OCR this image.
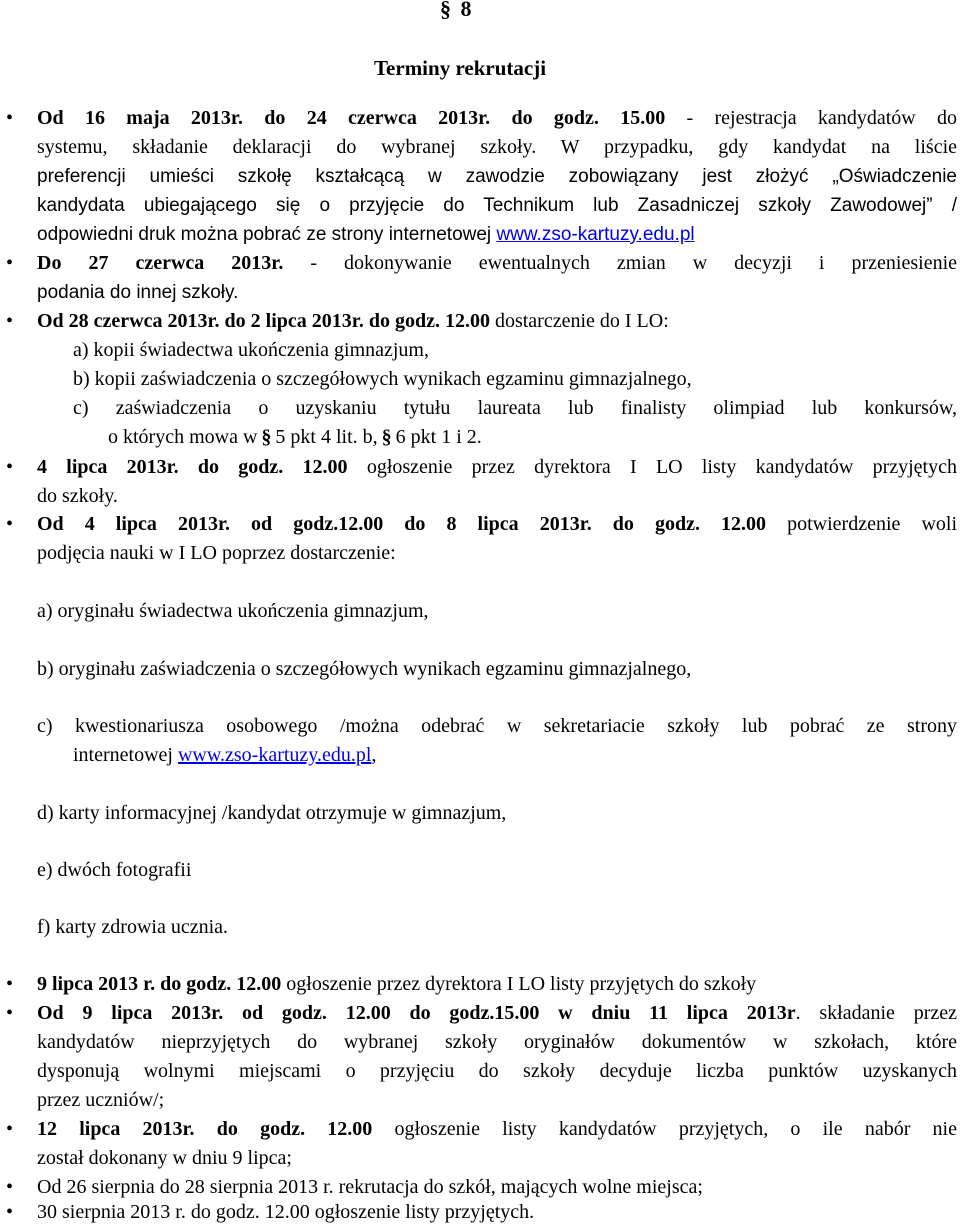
§ 8
Terminy rekrutacji
• Od 16 maja 2013r. do 24 czerwca 2013r. do godz. 15.00 - rejestracja kandydatów do
systemu, składanie deklaracji do wybranej szkoły. W przypadku, gdy kandydat na liście
preferencji umieści szkołę kształcącą w zawodzie zobowiązany jest złożyć „Oświadczenie
kandydata ubiegającego się o przyjęcie do Technikum lub Zasadniczej szkoły Zawodowej” /
odpowiedni druk można pobrać ze strony internetowej www.zso-kartuzy.edu.pl
• Do 27 czerwca 2013r. - dokonywanie ewentualnych zmian w decyzji i przeniesienie
podania do innej szkoły.
• Od 28 czerwca 2013r. do 2 lipca 2013r. do godz. 12.00 dostarczenie do I LO:
a) kopii świadectwa ukończenia gimnazjum,
b) kopii zaświadczenia o szczegółowych wynikach egzaminu gimnazjalnego,
c) zaświadczenia o uzyskaniu tytułu laureata lub finalisty olimpiad lub konkursów,
o których mowa w § 5 pkt 4 lit. b, § 6 pkt 1 i 2.
• 4 lipca 2013r. do godz. 12.00 ogłoszenie przez dyrektora I LO listy kandydatów przyjętych
do szkoły.
• Od 4 lipca 2013r. od godz.12.00 do 8 lipca 2013r. do godz. 12.00 potwierdzenie woli
podjęcia nauki w I LO poprzez dostarczenie:
a) oryginału świadectwa ukończenia gimnazjum,
b) oryginału zaświadczenia o szczegółowych wynikach egzaminu gimnazjalnego,
c) kwestionariusza osobowego /można odebrać w sekretariacie szkoły lub pobrać ze strony
internetowej www.zso-kartuzy.edu.pl,
d) karty informacyjnej /kandydat otrzymuje w gimnazjum,
e) dwóch fotografii
f) karty zdrowia ucznia.
• 9 lipca 2013 r. do godz. 12.00 ogłoszenie przez dyrektora I LO listy przyjętych do szkoły
• Od 9 lipca 2013r. od godz. 12.00 do godz.15.00 w dniu 11 lipca 2013r. składanie przez
kandydatów nieprzyjętych do wybranej szkoły oryginałów dokumentów w szkołach, które
dysponują wolnymi miejscami o przyjęciu do szkoły decyduje liczba punktów uzyskanych
przez uczniów/;
• 12 lipca 2013r. do godz. 12.00 ogłoszenie listy kandydatów przyjętych, o ile nabór nie
został dokonany w dniu 9 lipca;
• Od 26 sierpnia do 28 sierpnia 2013 r. rekrutacja do szkół, mających wolne miejsca;
• 30 sierpnia 2013 r. do godz. 12.00 ogłoszenie listy przyjętych.
